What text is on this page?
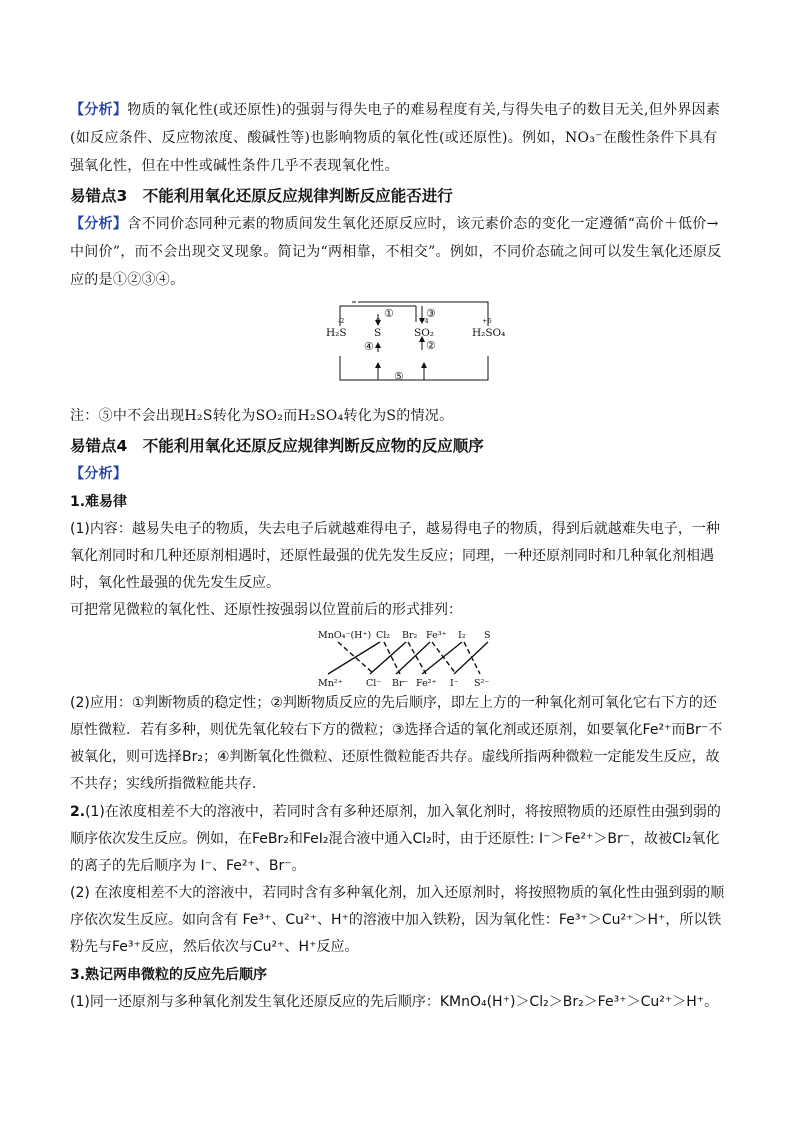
【分析】物质的氧化性(或还原性)的强弱与得失电子的难易程度有关,与得失电子的数目无关,但外界因素(如反应条件、反应物浓度、酸碱性等)也影响物质的氧化性(或还原性)。例如，NO₃⁻在酸性条件下具有强氧化性，但在中性或碱性条件几乎不表现氧化性。

易错点3　不能利用氧化还原反应规律判断反应能否进行

【分析】含不同价态同种元素的物质间发生氧化还原反应时，该元素价态的变化一定遵循“高价＋低价→中间价”，而不会出现交叉现象。简记为“两相靠，不相交”。例如，不同价态硫之间可以发生氧化还原反应的是①②③④。

H₂S	S	SO₂	H₂SO₄
-2	0	+4	+6
①
②
③
④
⑤

注：⑤中不会出现H₂S转化为SO₂而H₂SO₄转化为S的情况。

易错点4　不能利用氧化还原反应规律判断反应物的反应顺序

【分析】

1.难易律

(1)内容：越易失电子的物质，失去电子后就越难得电子，越易得电子的物质，得到后就越难失电子，一种氧化剂同时和几种还原剂相遇时，还原性最强的优先发生反应；同理，一种还原剂同时和几种氧化剂相遇时，氧化性最强的优先发生反应。

可把常见微粒的氧化性、还原性按强弱以位置前后的形式排列：

MnO₄⁻(H⁺) Cl₂ Br₂ Fe³⁺ I₂ S
Mn²⁺ Cl⁻ Br⁻ Fe²⁺ I⁻ S²⁻

(2)应用：①判断物质的稳定性；②判断物质反应的先后顺序，即左上方的一种氧化剂可氧化它右下方的还原性微粒．若有多种，则优先氧化较右下方的微粒；③选择合适的氧化剂或还原剂，如要氧化Fe²⁺而Br⁻不被氧化，则可选择Br₂；④判断氧化性微粒、还原性微粒能否共存。虚线所指两种微粒一定能发生反应，故不共存；实线所指微粒能共存．

2.(1)在浓度相差不大的溶液中，若同时含有多种还原剂，加入氧化剂时，将按照物质的还原性由强到弱的顺序依次发生反应。例如，在FeBr₂和FeI₂混合液中通入Cl₂时，由于还原性: I⁻＞Fe²⁺＞Br⁻，故被Cl₂氧化的离子的先后顺序为 I⁻、Fe²⁺、Br⁻。

(2) 在浓度相差不大的溶液中，若同时含有多种氧化剂，加入还原剂时，将按照物质的氧化性由强到弱的顺序依次发生反应。如向含有 Fe³⁺、Cu²⁺、H⁺的溶液中加入铁粉，因为氧化性：Fe³⁺＞Cu²⁺＞H⁺，所以铁粉先与Fe³⁺反应，然后依次与Cu²⁺、H⁺反应。

3.熟记两串微粒的反应先后顺序

(1)同一还原剂与多种氧化剂发生氧化还原反应的先后顺序：KMnO₄(H⁺)＞Cl₂＞Br₂＞Fe³⁺＞Cu²⁺＞H⁺。
